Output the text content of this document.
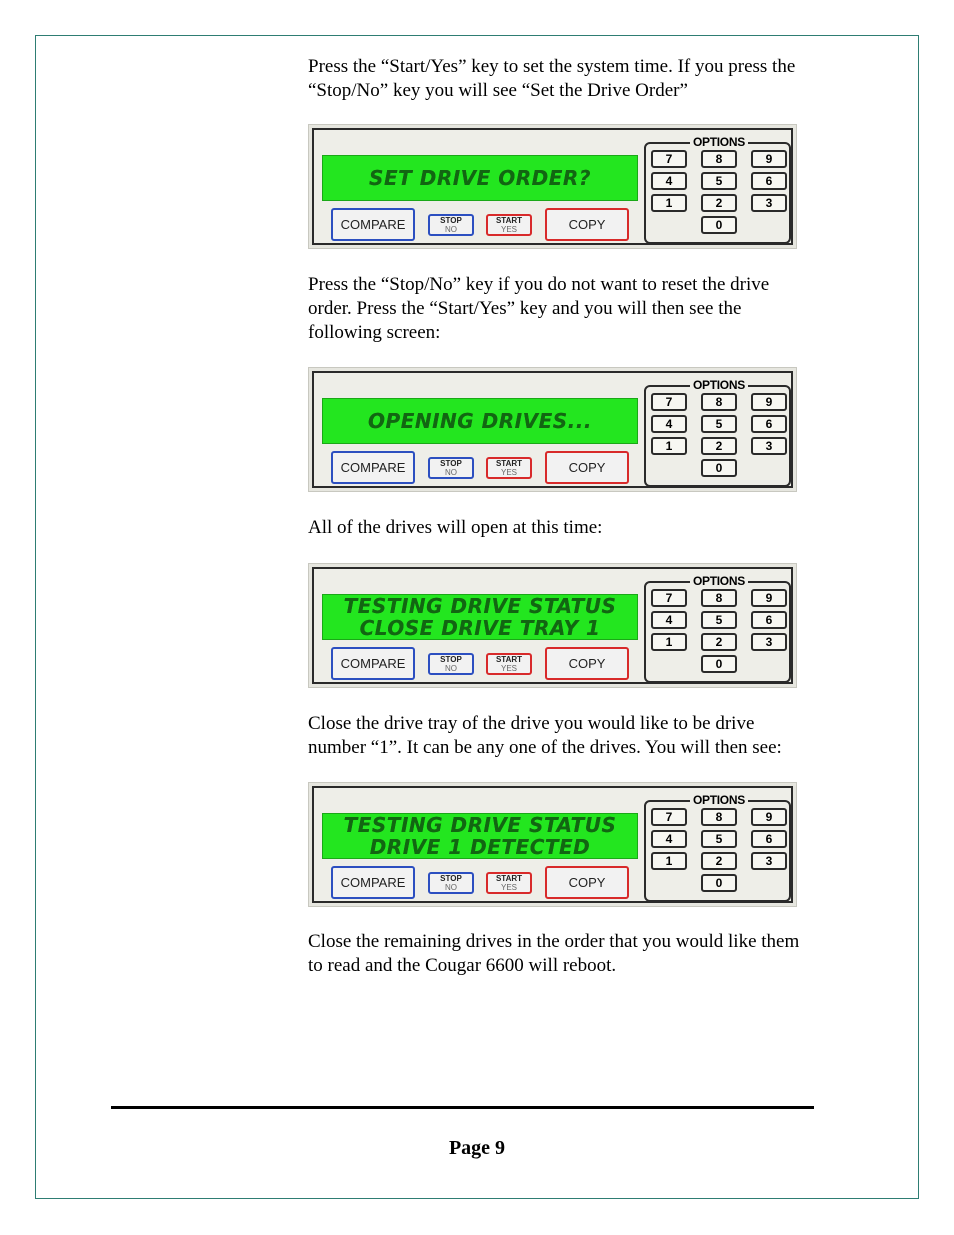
Press the “Start/Yes” key to set the system time. If you press the
“Stop/No” key you will see “Set the Drive Order”
SET DRIVE ORDER?
COMPARE	STOP
NO
START
YES	COPY
OPTIONS
7	8	9
4	5	6
1	2	3
0
Press the “Stop/No” key if you do not want to reset the drive
order. Press the “Start/Yes” key and you will then see the
following screen:
OPENING DRIVES...
COMPARE	STOP
NO
START
YES	COPY
OPTIONS
7	8	9
4	5	6
1	2	3
0
All of the drives will open at this time:
TESTING DRIVE STATUS
CLOSE DRIVE TRAY 1
COMPARE	STOP
NO
START
YES	COPY
OPTIONS
7	8	9
4	5	6
1	2	3
0
Close the drive tray of the drive you would like to be drive
number “1”. It can be any one of the drives. You will then see:
TESTING DRIVE STATUS
DRIVE 1 DETECTED
COMPARE	STOP
NO
START
YES	COPY
OPTIONS
7	8	9
4	5	6
1	2	3
0
Close the remaining drives in the order that you would like them
to read and the Cougar 6600 will reboot.
Page 9
